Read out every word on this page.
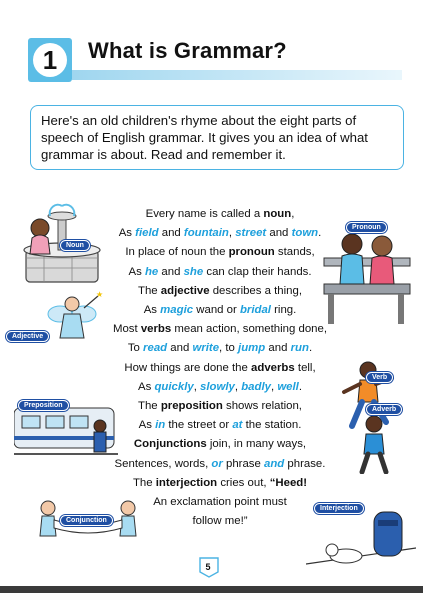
1	What is Grammar?
Here's an old children's rhyme about the eight parts of speech of English grammar. It gives you an idea of what grammar is about. Read and remember it.
Every name is called a noun,
As field and fountain, street and town.
In place of noun the pronoun stands,
As he and she can clap their hands.
The adjective describes a thing,
As magic wand or bridal ring.
Most verbs mean action, something done,
To read and write, to jump and run.
How things are done the adverbs tell,
As quickly, slowly, badly, well.
The preposition shows relation,
As in the street or at the station.
Conjunctions join, in many ways,
Sentences, words, or phrase and phrase.
The interjection cries out, “Heed!
An exclamation point must
follow me!”
Noun
Pronoun
★
Adjective
Verb
Preposition
Adverb
Conjunction
Interjection
5
